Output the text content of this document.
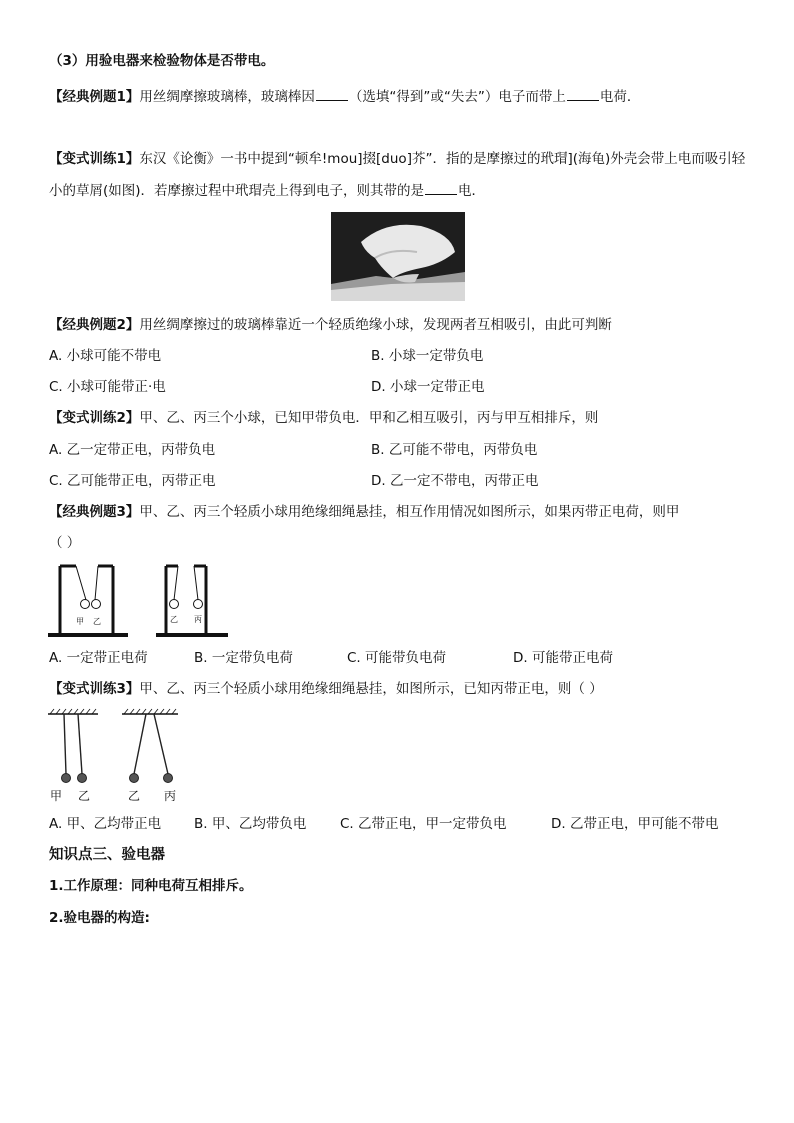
（3）用验电器来检验物体是否带电。
【经典例题1】用丝绸摩擦玻璃棒，玻璃棒因	（选填“得到”或“失去”）电子而带上	电荷．
【变式训练1】东汉《论衡》一书中提到“顿牟!mou]掇[duo]芥”．指的是摩擦过的玳瑁](海龟)外壳会带上电而吸引轻
小的草屑(如图)．若摩擦过程中玳瑁壳上得到电子，则其带的是	电．
【经典例题2】用丝绸摩擦过的玻璃棒靠近一个轻质绝缘小球，发现两者互相吸引，由此可判断
A. 小球可能不带电	B. 小球一定带负电
C. 小球可能带正·电	D. 小球一定带正电
【变式训练2】甲、乙、丙三个小球，已知甲带负电．甲和乙相互吸引，丙与甲互相排斥，则
A. 乙一定带正电，丙带负电	B. 乙可能不带电，丙带负电
C. 乙可能带正电，丙带正电	D. 乙一定不带电，丙带正电
【经典例题3】甲、乙、丙三个轻质小球用绝缘细绳悬挂，相互作用情况如图所示，如果丙带正电荷，则甲
（ ）
甲 乙	乙 丙
A. 一定带正电荷	B. 一定带负电荷	C. 可能带负电荷	D. 可能带正电荷
【变式训练3】甲、乙、丙三个轻质小球用绝缘细绳悬挂，如图所示，已知丙带正电，则（ ）
甲 乙	乙 丙
A. 甲、乙均带正电 B. 甲、乙均带负电 C. 乙带正电，甲一定带负电	D. 乙带正电，甲可能不带电
知识点三、验电器
1.工作原理：同种电荷互相排斥。
2.验电器的构造:
